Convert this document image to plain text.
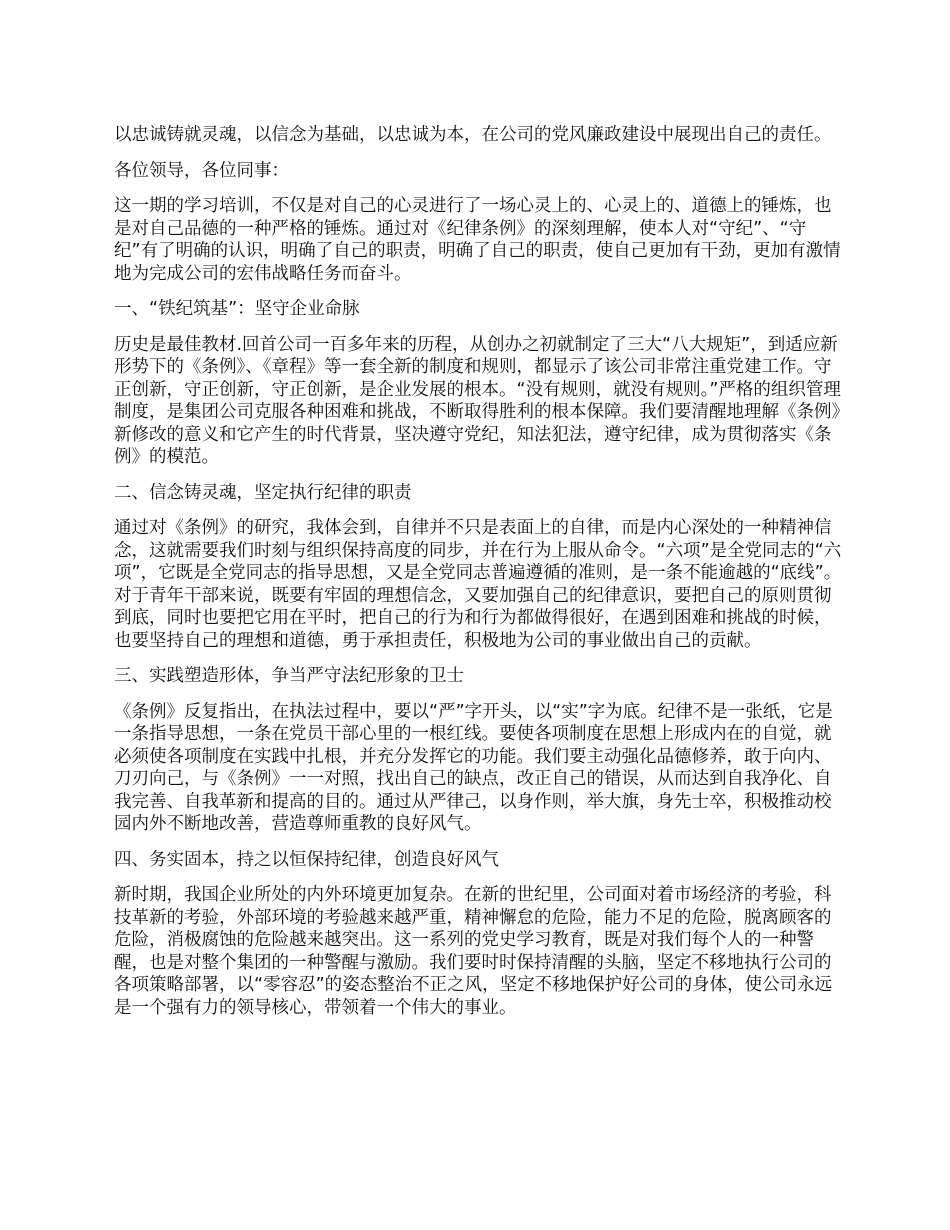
以忠诚铸就灵魂，以信念为基础，以忠诚为本，在公司的党风廉政建设中展现出自己的责任。

各位领导，各位同事：

这一期的学习培训，不仅是对自己的心灵进行了一场心灵上的、心灵上的、道德上的锤炼，也是对自己品德的一种严格的锤炼。通过对《纪律条例》的深刻理解，使本人对“守纪”、“守纪”有了明确的认识，明确了自己的职责，明确了自己的职责，使自己更加有干劲，更加有激情地为完成公司的宏伟战略任务而奋斗。

一、“铁纪筑基”：坚守企业命脉

历史是最佳教材.回首公司一百多年来的历程，从创办之初就制定了三大“八大规矩”，到适应新形势下的《条例》、《章程》等一套全新的制度和规则，都显示了该公司非常注重党建工作。守正创新，守正创新，守正创新，是企业发展的根本。“没有规则，就没有规则。”严格的组织管理制度，是集团公司克服各种困难和挑战，不断取得胜利的根本保障。我们要清醒地理解《条例》新修改的意义和它产生的时代背景，坚决遵守党纪，知法犯法，遵守纪律，成为贯彻落实《条例》的模范。

二、信念铸灵魂，坚定执行纪律的职责

通过对《条例》的研究，我体会到，自律并不只是表面上的自律，而是内心深处的一种精神信念，这就需要我们时刻与组织保持高度的同步，并在行为上服从命令。“六项”是全党同志的“六项”，它既是全党同志的指导思想，又是全党同志普遍遵循的准则，是一条不能逾越的“底线”。对于青年干部来说，既要有牢固的理想信念，又要加强自己的纪律意识，要把自己的原则贯彻到底，同时也要把它用在平时，把自己的行为和行为都做得很好，在遇到困难和挑战的时候，也要坚持自己的理想和道德，勇于承担责任，积极地为公司的事业做出自己的贡献。

三、实践塑造形体，争当严守法纪形象的卫士

《条例》反复指出，在执法过程中，要以“严”字开头，以“实”字为底。纪律不是一张纸，它是一条指导思想，一条在党员干部心里的一根红线。要使各项制度在思想上形成内在的自觉，就必须使各项制度在实践中扎根，并充分发挥它的功能。我们要主动强化品德修养，敢于向内、刀刃向己，与《条例》一一对照，找出自己的缺点，改正自己的错误，从而达到自我净化、自我完善、自我革新和提高的目的。通过从严律己，以身作则，举大旗，身先士卒，积极推动校园内外不断地改善，营造尊师重教的良好风气。

四、务实固本，持之以恒保持纪律，创造良好风气

新时期，我国企业所处的内外环境更加复杂。在新的世纪里，公司面对着市场经济的考验，科技革新的考验，外部环境的考验越来越严重，精神懈怠的危险，能力不足的危险，脱离顾客的危险，消极腐蚀的危险越来越突出。这一系列的党史学习教育，既是对我们每个人的一种警醒，也是对整个集团的一种警醒与激励。我们要时时保持清醒的头脑，坚定不移地执行公司的各项策略部署，以“零容忍”的姿态整治不正之风，坚定不移地保护好公司的身体，使公司永远是一个强有力的领导核心，带领着一个伟大的事业。
